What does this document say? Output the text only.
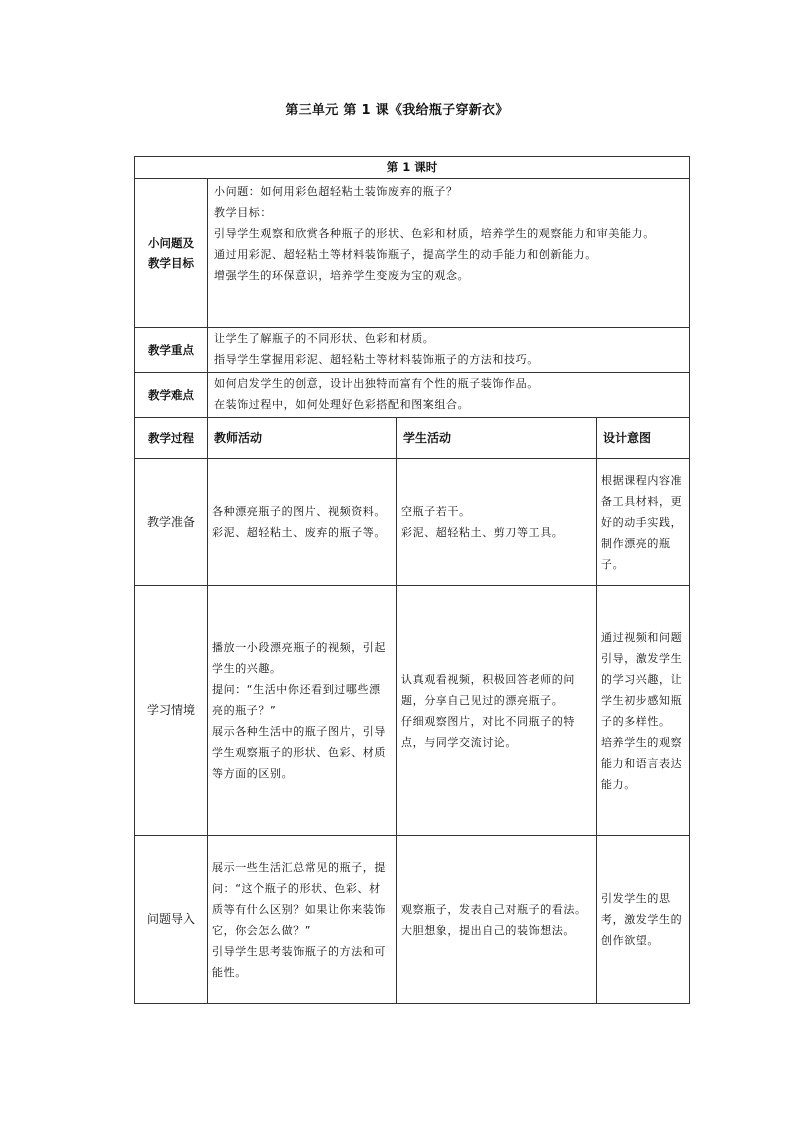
第三单元 第 1 课《我给瓶子穿新衣》
第 1 课时			

小问题及
教学目标	小问题：如何用彩色超轻粘土装饰废弃的瓶子？
教学目标：
引导学生观察和欣赏各种瓶子的形状、色彩和材质，培养学生的观察能力和审美能力。
通过用彩泥、超轻粘土等材料装饰瓶子，提高学生的动手能力和创新能力。
增强学生的环保意识，培养学生变废为宝的观念。		

教学重点	让学生了解瓶子的不同形状、色彩和材质。
指导学生掌握用彩泥、超轻粘土等材料装饰瓶子的方法和技巧。		

教学难点	如何启发学生的创意，设计出独特而富有个性的瓶子装饰作品。
在装饰过程中，如何处理好色彩搭配和图案组合。		

教学过程	教师活动	学生活动	设计意图
教学准备	各种漂亮瓶子的图片、视频资料。
彩泥、超轻粘土、废弃的瓶子等。	空瓶子若干。
彩泥、超轻粘土、剪刀等工具。	根据课程内容准备工具材料，更好的动手实践，制作漂亮的瓶子。

学习情境	播放一小段漂亮瓶子的视频，引起学生的兴趣。
提问：“生活中你还看到过哪些漂亮的瓶子？”
展示各种生活中的瓶子图片，引导学生观察瓶子的形状、色彩、材质等方面的区别。	认真观看视频，积极回答老师的问题，分享自己见过的漂亮瓶子。
仔细观察图片，对比不同瓶子的特点，与同学交流讨论。	通过视频和问题引导，激发学生的学习兴趣，让学生初步感知瓶子的多样性。
培养学生的观察能力和语言表达能力。

问题导入	展示一些生活汇总常见的瓶子，提问：“这个瓶子的形状、色彩、材质等有什么区别？如果让你来装饰它，你会怎么做？”
引导学生思考装饰瓶子的方法和可能性。	观察瓶子，发表自己对瓶子的看法。
大胆想象，提出自己的装饰想法。	引发学生的思考，激发学生的创作欲望。
